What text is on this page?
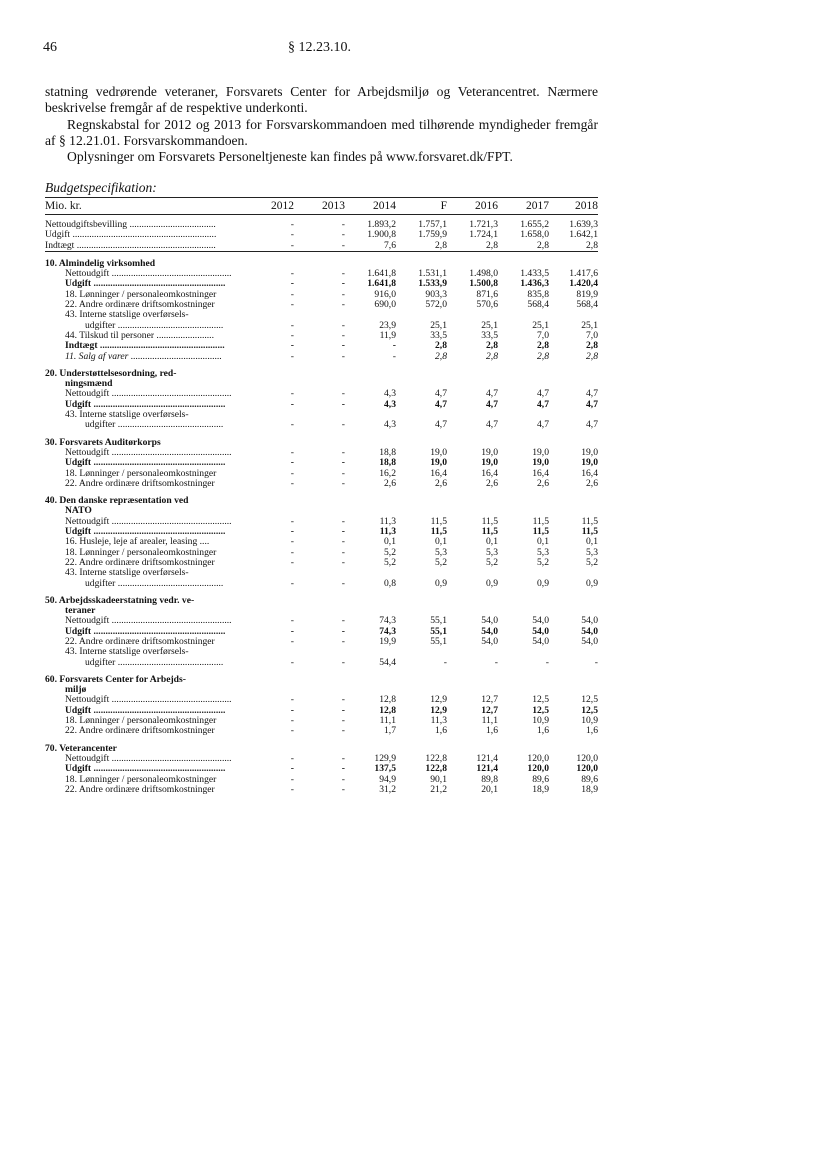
46	§ 12.23.10.

statning vedrørende veteraner, Forsvarets Center for Arbejdsmiljø og Veterancentret. Nærmere beskrivelse fremgår af de respektive underkonti.

Regnskabstal for 2012 og 2013 for Forsvarskommandoen med tilhørende myndigheder fremgår af § 12.21.01. Forsvarskommandoen.

Oplysninger om Forsvarets Personeltjeneste kan findes på www.forsvaret.dk/FPT.

Budgetspecifikation:
Mio. kr.	2012	2013	2014	F	2016	2017	2018
Nettoudgiftsbevilling ....................................	-	-	1.893,2	1.757,1	1.721,3	1.655,2	1.639,3
Udgift ............................................................	-	-	1.900,8	1.759,9	1.724,1	1.658,0	1.642,1
Indtægt ..........................................................	-	-	7,6	2,8	2,8	2,8	2,8
10. Almindelig virksomhed
Nettoudgift ..................................................	-	-	1.641,8	1.531,1	1.498,0	1.433,5	1.417,6
Udgift .......................................................	-	-	1.641,8	1.533,9	1.500,8	1.436,3	1.420,4
18. Lønninger / personaleomkostninger	-	-	916,0	903,3	871,6	835,8	819,9
22. Andre ordinære driftsomkostninger	-	-	690,0	572,0	570,6	568,4	568,4
43. Interne statslige overførsels-
udgifter ............................................	-	-	23,9	25,1	25,1	25,1	25,1
44. Tilskud til personer ........................	-	-	11,9	33,5	33,5	7,0	7,0
Indtægt ....................................................	-	-	-	2,8	2,8	2,8	2,8
11. Salg af varer ......................................	-	-	-	2,8	2,8	2,8	2,8
20. Understøttelsesordning, red-
ningsmænd
Nettoudgift ..................................................	-	-	4,3	4,7	4,7	4,7	4,7
Udgift .......................................................	-	-	4,3	4,7	4,7	4,7	4,7
43. Interne statslige overførsels-
udgifter ............................................	-	-	4,3	4,7	4,7	4,7	4,7
30. Forsvarets Auditørkorps
Nettoudgift ..................................................	-	-	18,8	19,0	19,0	19,0	19,0
Udgift .......................................................	-	-	18,8	19,0	19,0	19,0	19,0
18. Lønninger / personaleomkostninger	-	-	16,2	16,4	16,4	16,4	16,4
22. Andre ordinære driftsomkostninger	-	-	2,6	2,6	2,6	2,6	2,6
40. Den danske repræsentation ved
NATO
Nettoudgift ..................................................	-	-	11,3	11,5	11,5	11,5	11,5
Udgift .......................................................	-	-	11,3	11,5	11,5	11,5	11,5
16. Husleje, leje af arealer, leasing ....	-	-	0,1	0,1	0,1	0,1	0,1
18. Lønninger / personaleomkostninger	-	-	5,2	5,3	5,3	5,3	5,3
22. Andre ordinære driftsomkostninger	-	-	5,2	5,2	5,2	5,2	5,2
43. Interne statslige overførsels-
udgifter ............................................	-	-	0,8	0,9	0,9	0,9	0,9
50. Arbejdsskadeerstatning vedr. ve-
teraner
Nettoudgift ..................................................	-	-	74,3	55,1	54,0	54,0	54,0
Udgift .......................................................	-	-	74,3	55,1	54,0	54,0	54,0
22. Andre ordinære driftsomkostninger	-	-	19,9	55,1	54,0	54,0	54,0
43. Interne statslige overførsels-
udgifter ............................................	-	-	54,4	-	-	-	-
60. Forsvarets Center for Arbejds-
miljø
Nettoudgift ..................................................	-	-	12,8	12,9	12,7	12,5	12,5
Udgift .......................................................	-	-	12,8	12,9	12,7	12,5	12,5
18. Lønninger / personaleomkostninger	-	-	11,1	11,3	11,1	10,9	10,9
22. Andre ordinære driftsomkostninger	-	-	1,7	1,6	1,6	1,6	1,6
70. Veterancenter
Nettoudgift ..................................................	-	-	129,9	122,8	121,4	120,0	120,0
Udgift .......................................................	-	-	137,5	122,8	121,4	120,0	120,0
18. Lønninger / personaleomkostninger	-	-	94,9	90,1	89,8	89,6	89,6
22. Andre ordinære driftsomkostninger	-	-	31,2	21,2	20,1	18,9	18,9
